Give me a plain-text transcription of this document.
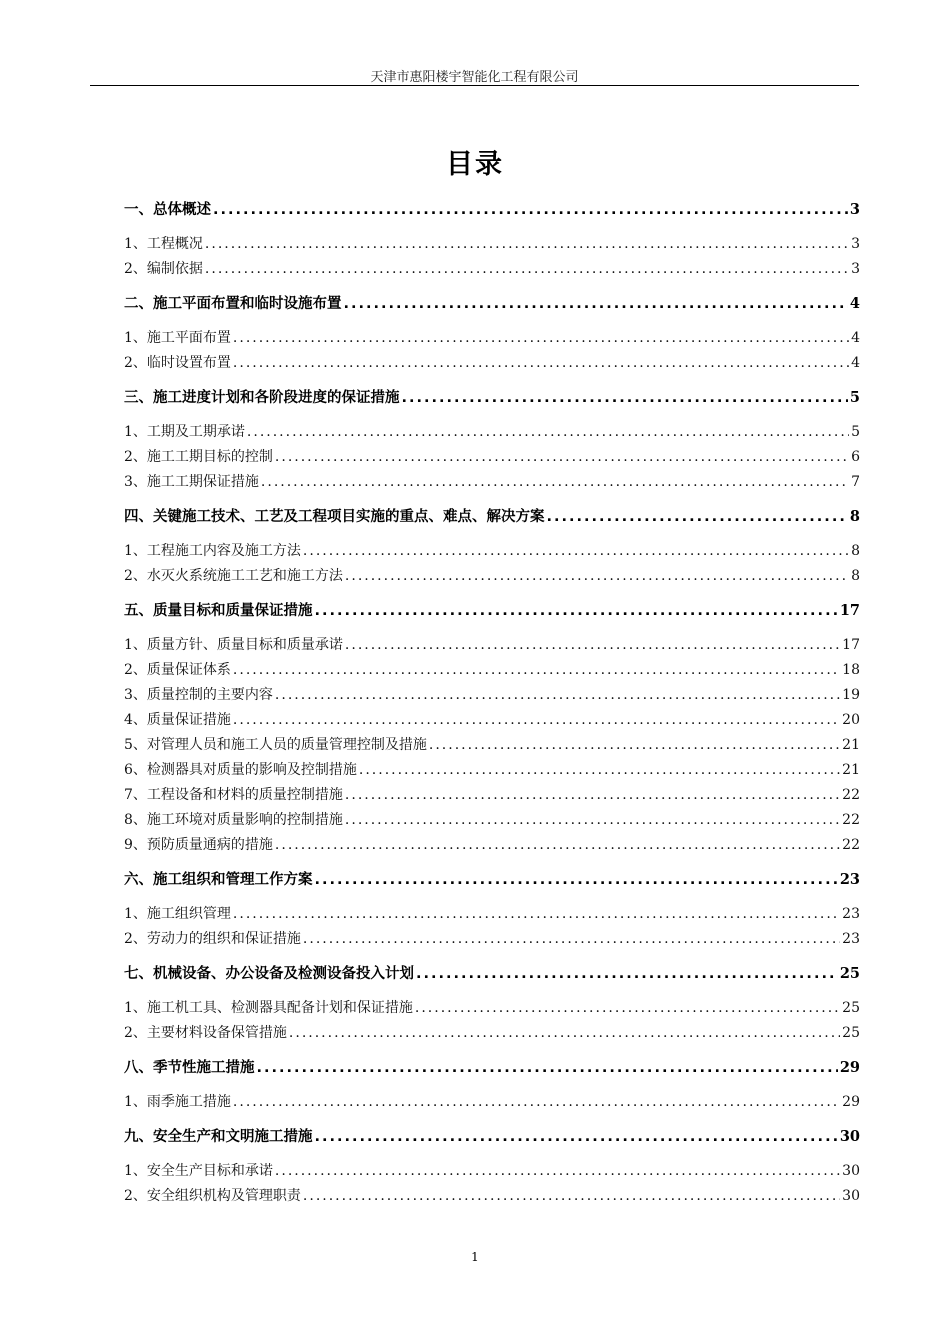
天津市惠阳楼宇智能化工程有限公司
目录
一、总体概述 .....	3
1、工程概况 .....	3
2、编制依据 .....	3
二、施工平面布置和临时设施布置 .....	4
1、施工平面布置 .....	4
2、临时设置布置 .....	4
三、施工进度计划和各阶段进度的保证措施 .....	5
1、工期及工期承诺 .....	5
2、施工工期目标的控制 .....	6
3、施工工期保证措施 .....	7
四、关键施工技术、工艺及工程项目实施的重点、难点、解决方案 .....	8
1、工程施工内容及施工方法 .....	8
2、水灭火系统施工工艺和施工方法 .....	8
五、质量目标和质量保证措施 .....	17
1、质量方针、质量目标和质量承诺 .....	17
2、质量保证体系 .....	18
3、质量控制的主要内容 .....	19
4、质量保证措施 .....	20
5、对管理人员和施工人员的质量管理控制及措施 .....	21
6、检测器具对质量的影响及控制措施 .....	21
7、工程设备和材料的质量控制措施 .....	22
8、施工环境对质量影响的控制措施 .....	22
9、预防质量通病的措施 .....	22
六、施工组织和管理工作方案 .....	23
1、施工组织管理 .....	23
2、劳动力的组织和保证措施 .....	23
七、机械设备、办公设备及检测设备投入计划 .....	25
1、施工机工具、检测器具配备计划和保证措施 .....	25
2、主要材料设备保管措施 .....	25
八、季节性施工措施 .....	29
1、雨季施工措施 .....	29
九、安全生产和文明施工措施 .....	30
1、安全生产目标和承诺 .....	30
2、安全组织机构及管理职责 .....	30
1
